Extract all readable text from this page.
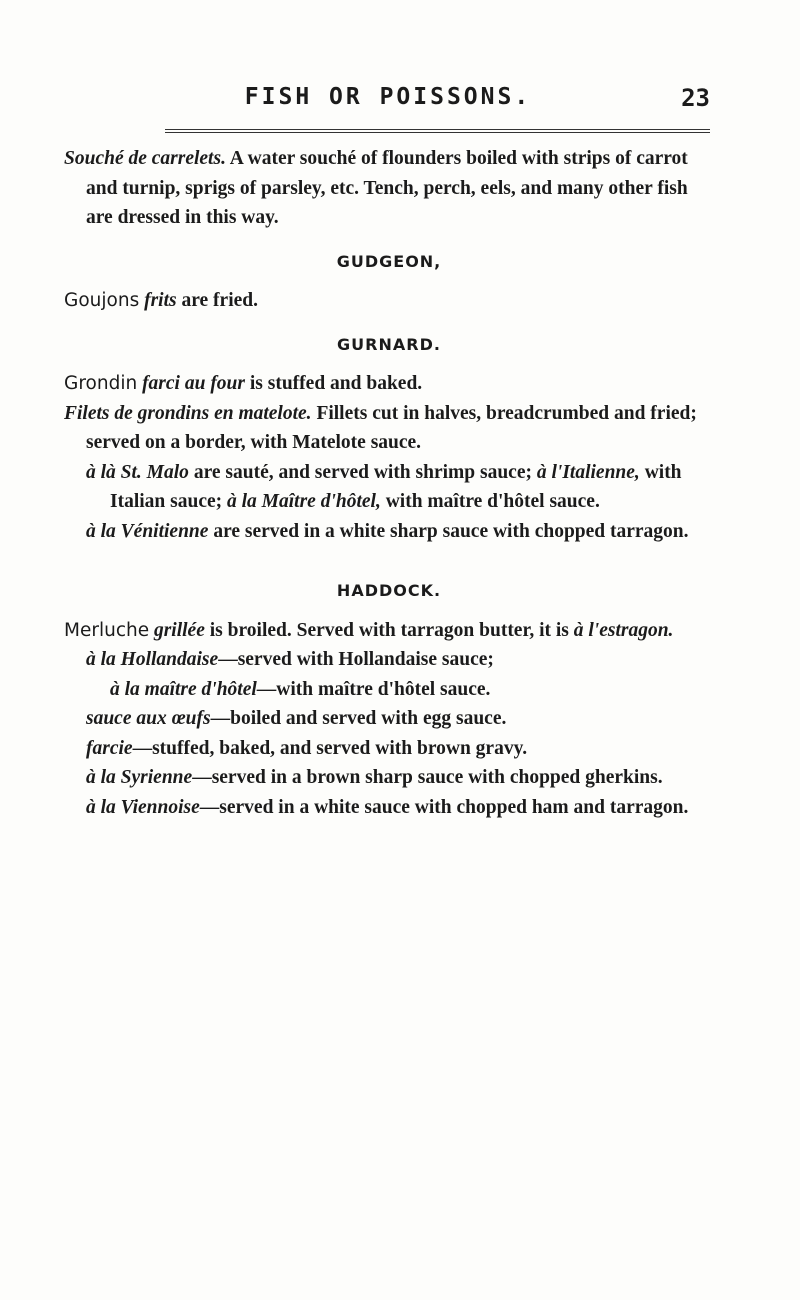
FISH OR POISSONS.	23

Souché de carrelets. A water souché of flounders boiled with strips of carrot and turnip, sprigs of parsley, etc. Tench, perch, eels, and many other fish are dressed in this way.

GUDGEON,

Goujons frits are fried.

GURNARD.

Grondin farci au four is stuffed and baked.

Filets de grondins en matelote. Fillets cut in halves, breadcrumbed and fried; served on a border, with Matelote sauce.

à là St. Malo are sauté, and served with shrimp sauce; à l'Italienne, with Italian sauce; à la Maître d'hôtel, with maître d'hôtel sauce.

à la Vénitienne are served in a white sharp sauce with chopped tarragon.

HADDOCK.

Merluche grillée is broiled. Served with tarragon butter, it is à l'estragon.

à la Hollandaise—served with Hollandaise sauce;

à la maître d'hôtel—with maître d'hôtel sauce.

sauce aux œufs—boiled and served with egg sauce.

farcie—stuffed, baked, and served with brown gravy.

à la Syrienne—served in a brown sharp sauce with chopped gherkins.

à la Viennoise—served in a white sauce with chopped ham and tarragon.
